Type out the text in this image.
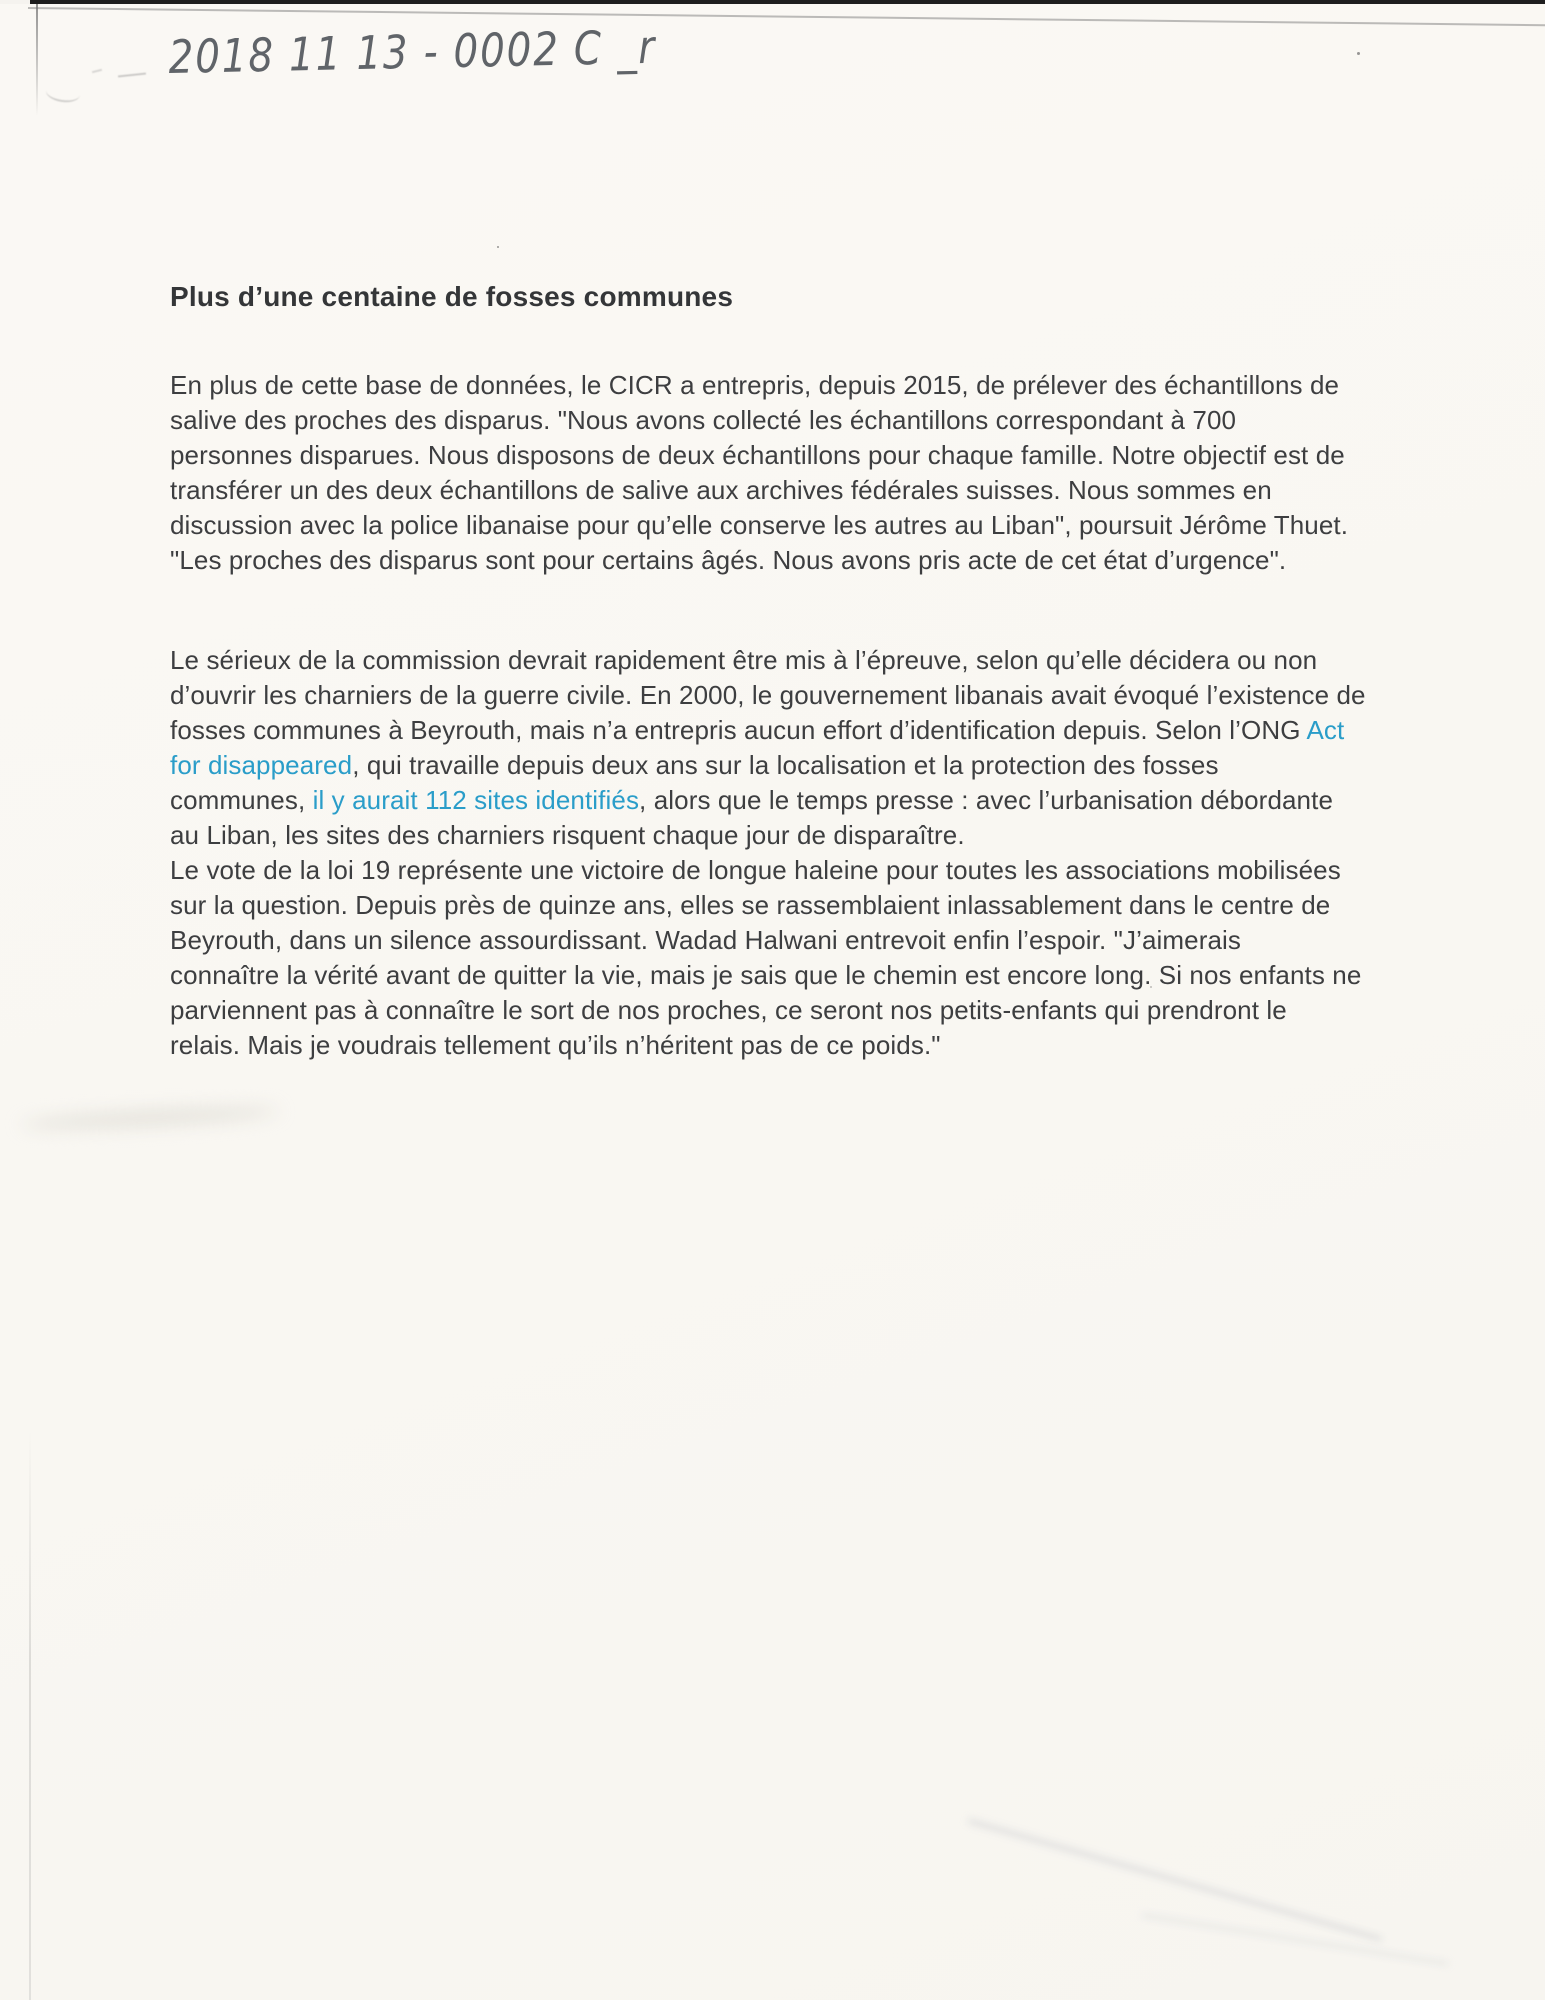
2018 11 13 - 0002 C _r
Plus d’une centaine de fosses communes
En plus de cette base de données, le CICR a entrepris, depuis 2015, de prélever des échantillons de
salive des proches des disparus. "Nous avons collecté les échantillons correspondant à 700
personnes disparues. Nous disposons de deux échantillons pour chaque famille. Notre objectif est de
transférer un des deux échantillons de salive aux archives fédérales suisses. Nous sommes en
discussion avec la police libanaise pour qu’elle conserve les autres au Liban", poursuit Jérôme Thuet.
"Les proches des disparus sont pour certains âgés. Nous avons pris acte de cet état d’urgence".
Le sérieux de la commission devrait rapidement être mis à l’épreuve, selon qu’elle décidera ou non
d’ouvrir les charniers de la guerre civile. En 2000, le gouvernement libanais avait évoqué l’existence de
fosses communes à Beyrouth, mais n’a entrepris aucun effort d’identification depuis. Selon l’ONG Act
for disappeared, qui travaille depuis deux ans sur la localisation et la protection des fosses
communes, il y aurait 112 sites identifiés, alors que le temps presse : avec l’urbanisation débordante
au Liban, les sites des charniers risquent chaque jour de disparaître.
Le vote de la loi 19 représente une victoire de longue haleine pour toutes les associations mobilisées
sur la question. Depuis près de quinze ans, elles se rassemblaient inlassablement dans le centre de
Beyrouth, dans un silence assourdissant. Wadad Halwani entrevoit enfin l’espoir. "J’aimerais
connaître la vérité avant de quitter la vie, mais je sais que le chemin est encore long. Si nos enfants ne
parviennent pas à connaître le sort de nos proches, ce seront nos petits-enfants qui prendront le
relais. Mais je voudrais tellement qu’ils n’héritent pas de ce poids."
